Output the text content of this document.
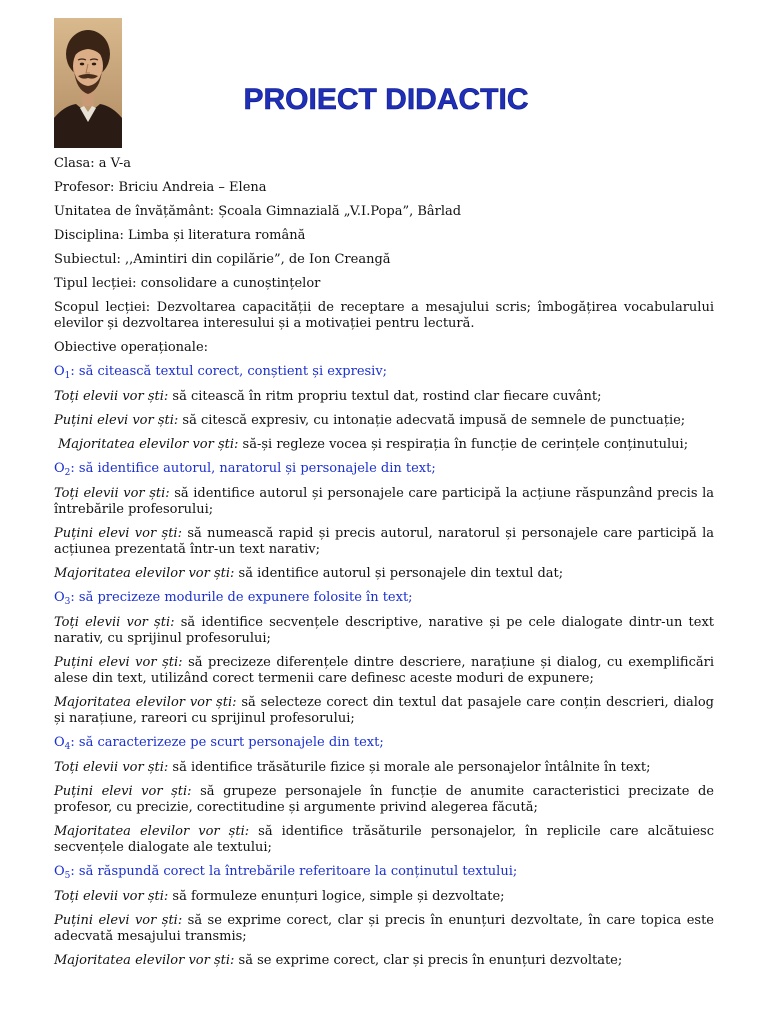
PROIECT DIDACTIC

Clasa: a V-a

Profesor: Briciu Andreia – Elena

Unitatea de învățământ: Școala Gimnazială „V.I.Popa”, Bârlad

Disciplina: Limba și literatura română

Subiectul: ,,Amintiri din copilărie”, de Ion Creangă

Tipul lecției: consolidare a cunoștințelor

Scopul lecției: Dezvoltarea capacității de receptare a mesajului scris; îmbogățirea vocabularului elevilor și dezvoltarea interesului și a motivației pentru lectură.

Obiective operaționale:

$O_1$: să citească textul corect, conștient și expresiv;

Toți elevii vor ști: să citească în ritm propriu textul dat, rostind clar fiecare cuvânt;

Puțini elevi vor ști: să citescă expresiv, cu intonație adecvată impusă de semnele de punctuație;

Majoritatea elevilor vor ști: să-și regleze vocea și respirația în funcție de cerințele conținutului;

$O_2$: să identifice autorul, naratorul și personajele din text;

Toți elevii vor ști: să identifice autorul și personajele care participă la acțiune răspunzând precis la întrebările profesorului;

Puțini elevi vor ști: să numească rapid și precis autorul, naratorul și personajele care participă la acțiunea prezentată într-un text narativ;

Majoritatea elevilor vor ști: să identifice autorul și personajele din textul dat;

$O_3$: să precizeze modurile de expunere folosite în text;

Toți elevii vor ști: să identifice secvențele descriptive, narative și pe cele dialogate dintr-un text narativ, cu sprijinul profesorului;

Puțini elevi vor ști: să precizeze diferențele dintre descriere, narațiune și dialog, cu exemplificări alese din text, utilizând corect termenii care definesc aceste moduri de expunere;

Majoritatea elevilor vor ști: să selecteze corect din textul dat pasajele care conțin descrieri, dialog și narațiune, rareori cu sprijinul profesorului;

$O_4$: să caracterizeze pe scurt personajele din text;

Toți elevii vor ști: să identifice trăsăturile fizice și morale ale personajelor întâlnite în text;

Puțini elevi vor ști: să grupeze personajele în funcție de anumite caracteristici precizate de profesor, cu precizie, corectitudine și argumente privind alegerea făcută;

Majoritatea elevilor vor ști: să identifice trăsăturile personajelor, în replicile care alcătuiesc secvențele dialogate ale textului;

$O_5$: să răspundă corect la întrebările referitoare la conținutul textului;

Toți elevii vor ști: să formuleze enunțuri logice, simple și dezvoltate;

Puțini elevi vor ști: să se exprime corect, clar și precis în enunțuri dezvoltate, în care topica este adecvată mesajului transmis;

Majoritatea elevilor vor ști: să se exprime corect, clar și precis în enunțuri dezvoltate;
